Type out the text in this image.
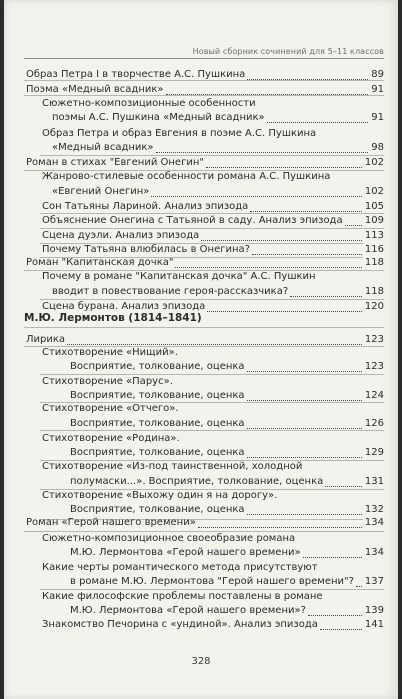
Новый сборник сочинений для 5–11 классов
Образ Петра I в творчестве А.С. Пушкина	89
Поэма «Медный всадник»	91
Сюжетно-композиционные особенности
поэмы А.С. Пушкина «Медный всадник»	91
Образ Петра и образ Евгения в поэме А.С. Пушкина
«Медный всадник»	98
Роман в стихах "Евгений Онегин"	102
Жанрово-стилевые особенности романа А.С. Пушкина
«Евгений Онегин»	102
Сон Татьяны Лариной. Анализ эпизода	105
Объяснение Онегина с Татьяной в саду. Анализ эпизода 109
Сцена дуэли. Анализ эпизода	113
Почему Татьяна влюбилась в Онегина?	116
Роман "Капитанская дочка"	118
Почему в романе "Капитанская дочка" А.С. Пушкин
вводит в повествование героя-рассказчика?	118
Сцена бурана. Анализ эпизода	120
Лирика	123
Стихотворение «Нищий».
Восприятие, толкование, оценка	123
Стихотворение «Парус».
Восприятие, толкование, оценка	124
Стихотворение «Отчего».
Восприятие, толкование, оценка	126
Стихотворение «Родина».
Восприятие, толкование, оценка	129
Стихотворение «Из-под таинственной, холодной
полумаски...». Восприятие, толкование, оценка	131
Стихотворение «Выхожу один я на дорогу».
Восприятие, толкование, оценка	132
Роман «Герой нашего времени»	134
Сюжетно-композиционное своеобразие романа
М.Ю. Лермонтова «Герой нашего времени»	134
Какие черты романтического метода присутствуют
в романе М.Ю. Лермонтова "Герой нашего времени"? 137
Какие философские проблемы поставлены в романе
М.Ю. Лермонтова «Герой нашего времени»?	139
Знакомство Печорина с «ундиной». Анализ эпизода	141
М.Ю. Лермонтов (1814–1841)
328
